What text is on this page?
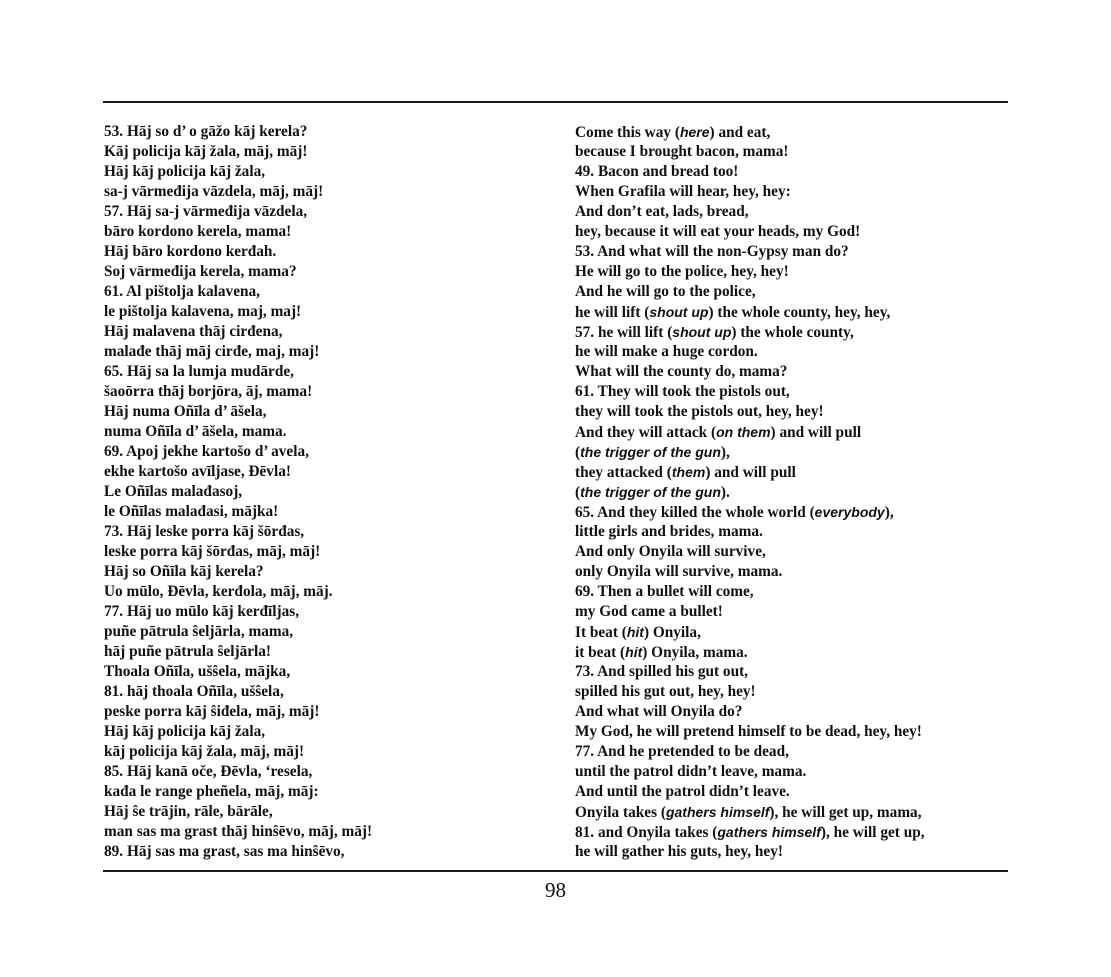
53. Hāj so d’ o gāžo kāj kerela?
Kāj policija kāj žala, māj, māj!
Hāj kāj policija kāj žala,
sa-j vārmeđija vāzdela, māj, māj!
57. Hāj sa-j vārmeđija vāzdela,
bāro kordono kerela, mama!
Hāj bāro kordono kerđah.
Soj vārmeđija kerela, mama?
61. Al pištolja kalavena,
le pištolja kalavena, maj, maj!
Hāj malavena thāj cirđena,
malađe thāj māj cirđe, maj, maj!
65. Hāj sa la lumja mudārde,
šaoōrra thāj borjōra, āj, mama!
Hāj numa Oñīla d’ āšela,
numa Oñīla d’ āšela, mama.
69. Apoj jekhe kartošo d’ avela,
ekhe kartošo avīljase, Đēvla!
Le Oñīlas malađasoj,
le Oñīlas malađasi, mājka!
73. Hāj leske porra kāj šōrđas,
leske porra kāj šōrđas, māj, māj!
Hāj so Oñīla kāj kerela?
Uo mūlo, Đēvla, kerđola, māj, māj.
77. Hāj uo mūlo kāj kerđīljas,
puñe pātrula ŝeljārla, mama,
hāj puñe pātrula ŝeljārla!
Thoala Oñīla, ušŝela, mājka,
81. hāj thoala Oñīla, ušŝela,
peske porra kāj ŝiđela, māj, māj!
Hāj kāj policija kāj žala,
kāj policija kāj žala, māj, māj!
85. Hāj kanā oče, Đēvla, ‘resela,
kađa le range pheñela, māj, māj:
Hāj ŝe trājin, rāle, bārāle,
man sas ma grast thāj hinŝēvo, māj, māj!
89. Hāj sas ma grast, sas ma hinŝēvo,
Come this way (here) and eat,
because I brought bacon, mama!
49. Bacon and bread too!
When Grafila will hear, hey, hey:
And don’t eat, lads, bread,
hey, because it will eat your heads, my God!
53. And what will the non-Gypsy man do?
He will go to the police, hey, hey!
And he will go to the police,
he will lift (shout up) the whole county, hey, hey,
57. he will lift (shout up) the whole county,
he will make a huge cordon.
What will the county do, mama?
61. They will took the pistols out,
they will took the pistols out, hey, hey!
And they will attack (on them) and will pull
(the trigger of the gun),
they attacked (them) and will pull
(the trigger of the gun).
65. And they killed the whole world (everybody),
little girls and brides, mama.
And only Onyila will survive,
only Onyila will survive, mama.
69. Then a bullet will come,
my God came a bullet!
It beat (hit) Onyila,
it beat (hit) Onyila, mama.
73. And spilled his gut out,
spilled his gut out, hey, hey!
And what will Onyila do?
My God, he will pretend himself to be dead, hey, hey!
77. And he pretended to be dead,
until the patrol didn’t leave, mama.
And until the patrol didn’t leave.
Onyila takes (gathers himself), he will get up, mama,
81. and Onyila takes (gathers himself), he will get up,
he will gather his guts, hey, hey!
98
